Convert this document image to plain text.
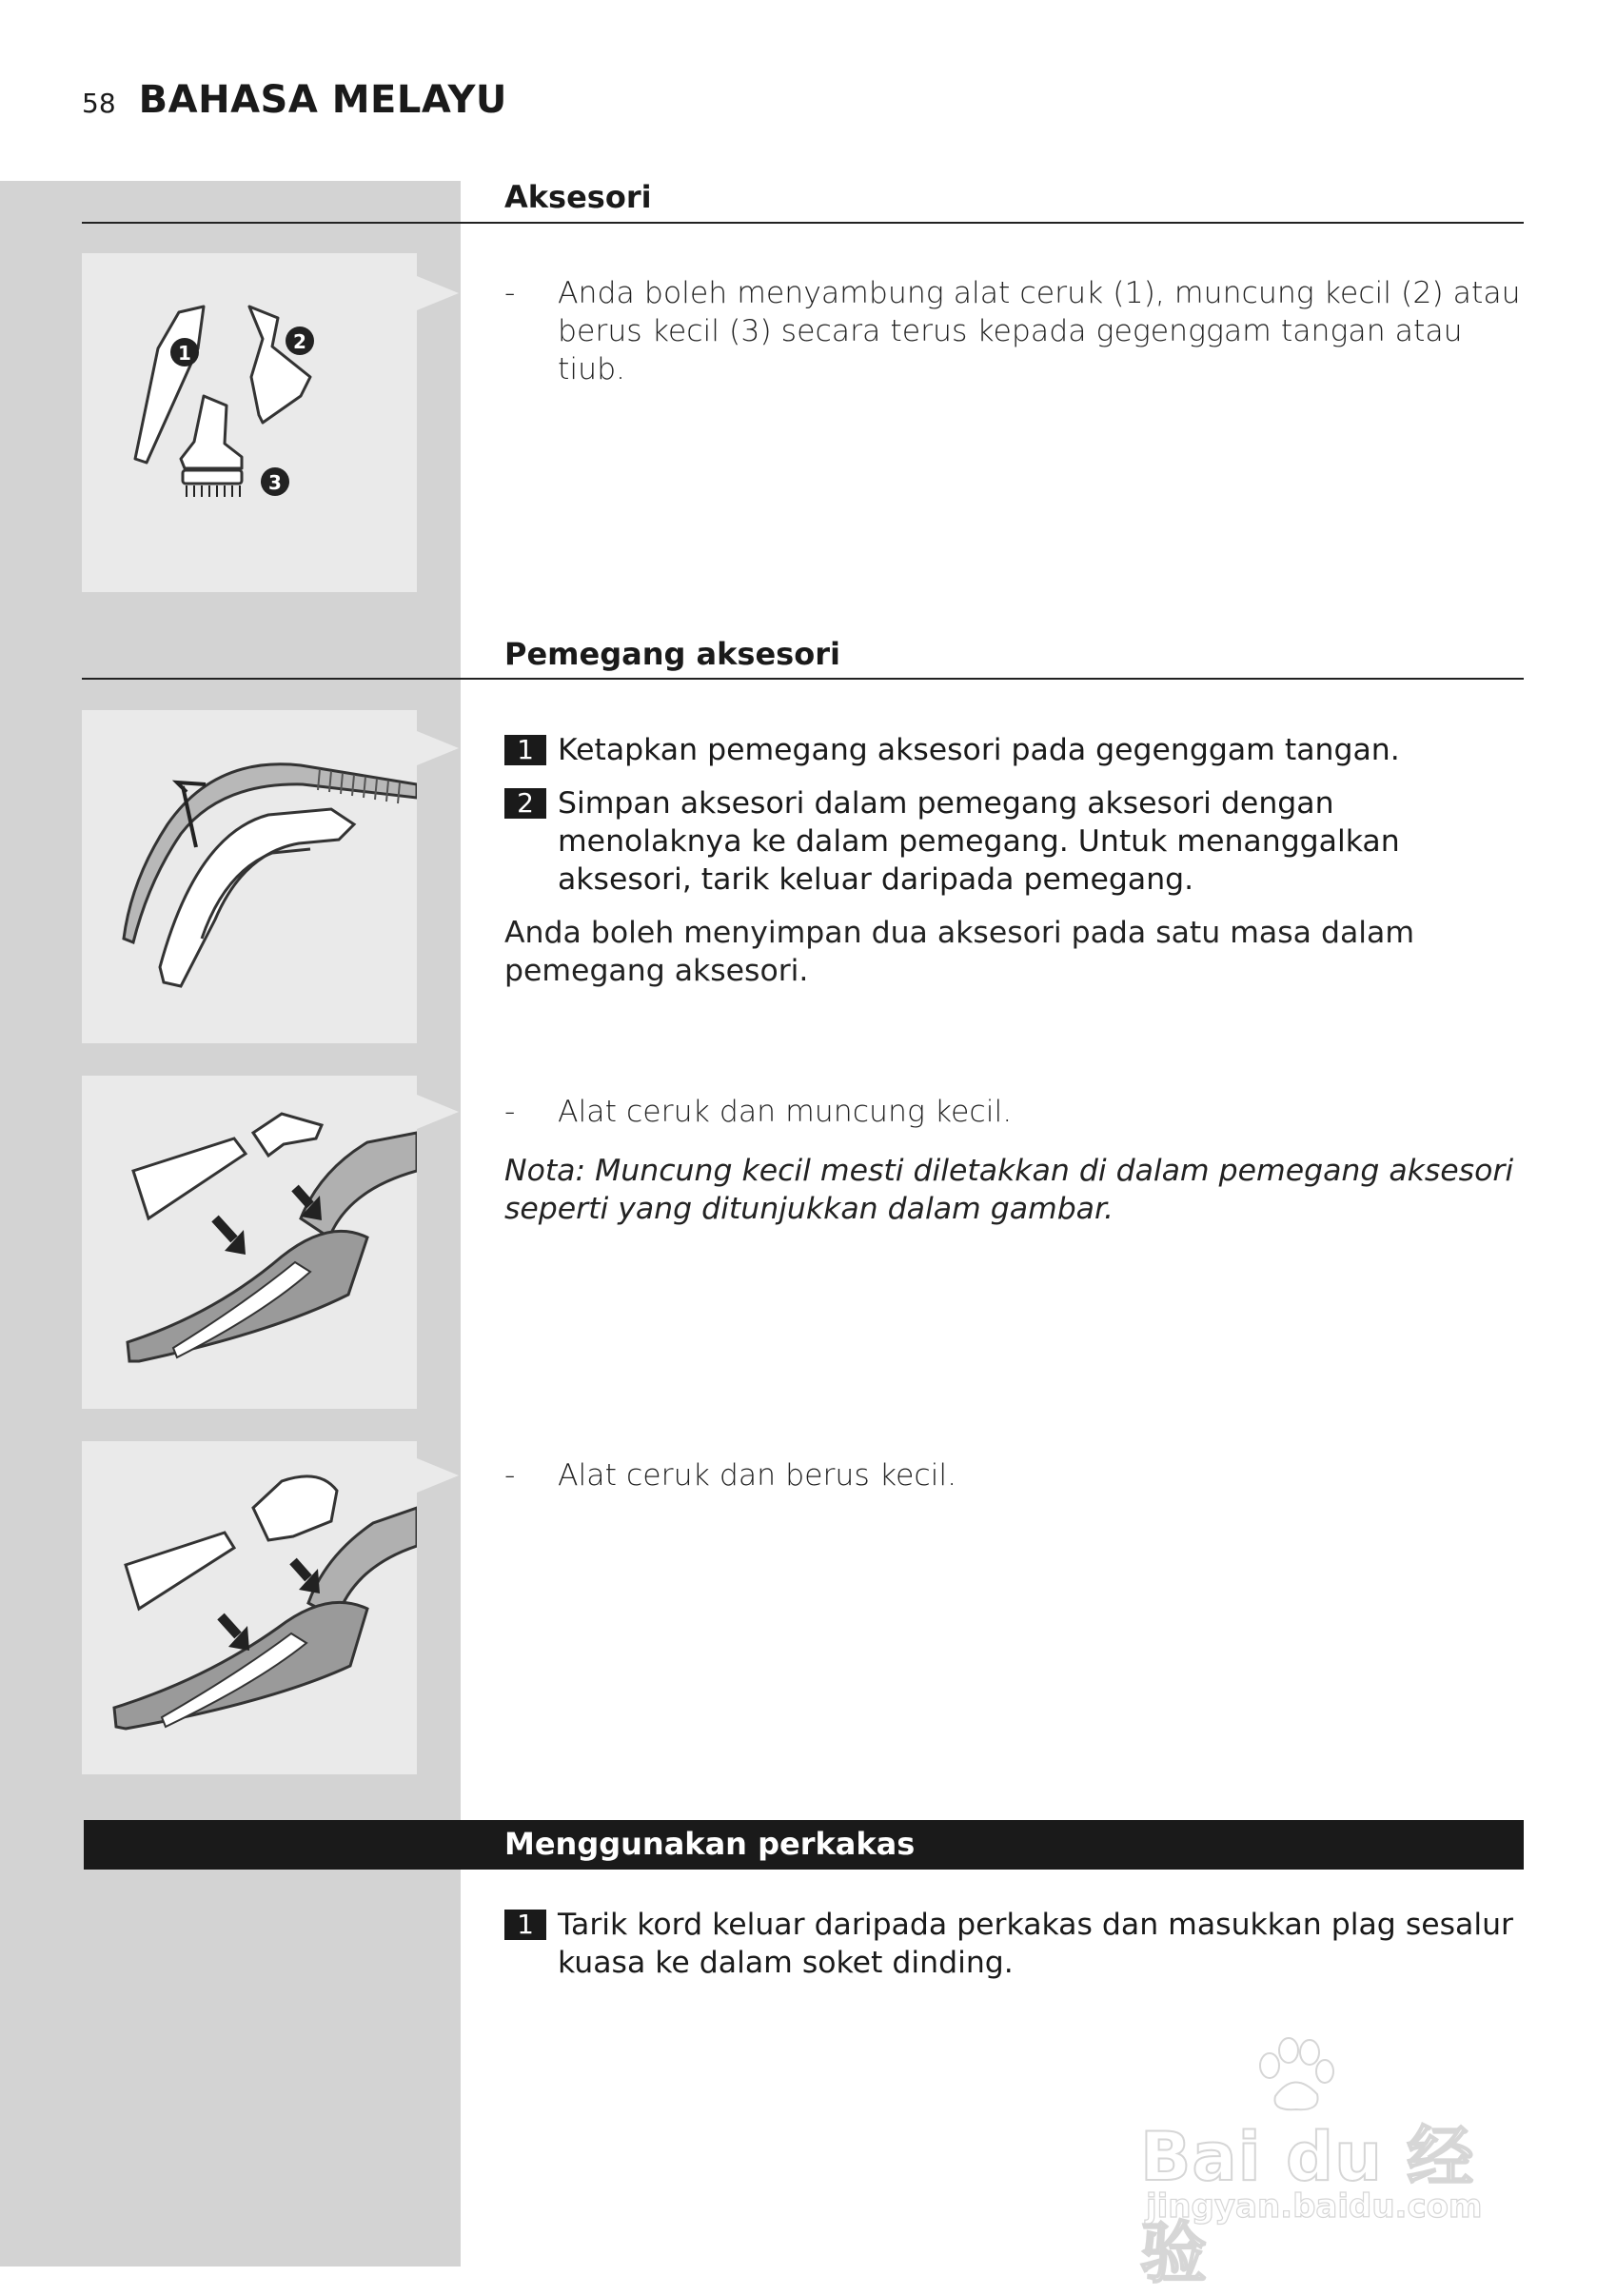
58 BAHASA MELAYU
Aksesori
1	2
3

- Anda boleh menyambung alat ceruk (1), muncung kecil (2) atau berus kecil (3) secara terus kepada gegenggam tangan atau tiub.

Pemegang aksesori
1 Ketapkan pemegang aksesori pada gegenggam tangan.
2 Simpan aksesori dalam pemegang aksesori dengan menolaknya ke dalam pemegang. Untuk menanggalkan aksesori, tarik keluar daripada pemegang.

Anda boleh menyimpan dua aksesori pada satu masa dalam pemegang aksesori.

- Alat ceruk dan muncung kecil.

Nota: Muncung kecil mesti diletakkan di dalam pemegang aksesori seperti yang ditunjukkan dalam gambar.

- Alat ceruk dan berus kecil.

Menggunakan perkakas
1 Tarik kord keluar daripada perkakas dan masukkan plag sesalur kuasa ke dalam soket dinding.
Bai du 经验
jingyan.baidu.com
